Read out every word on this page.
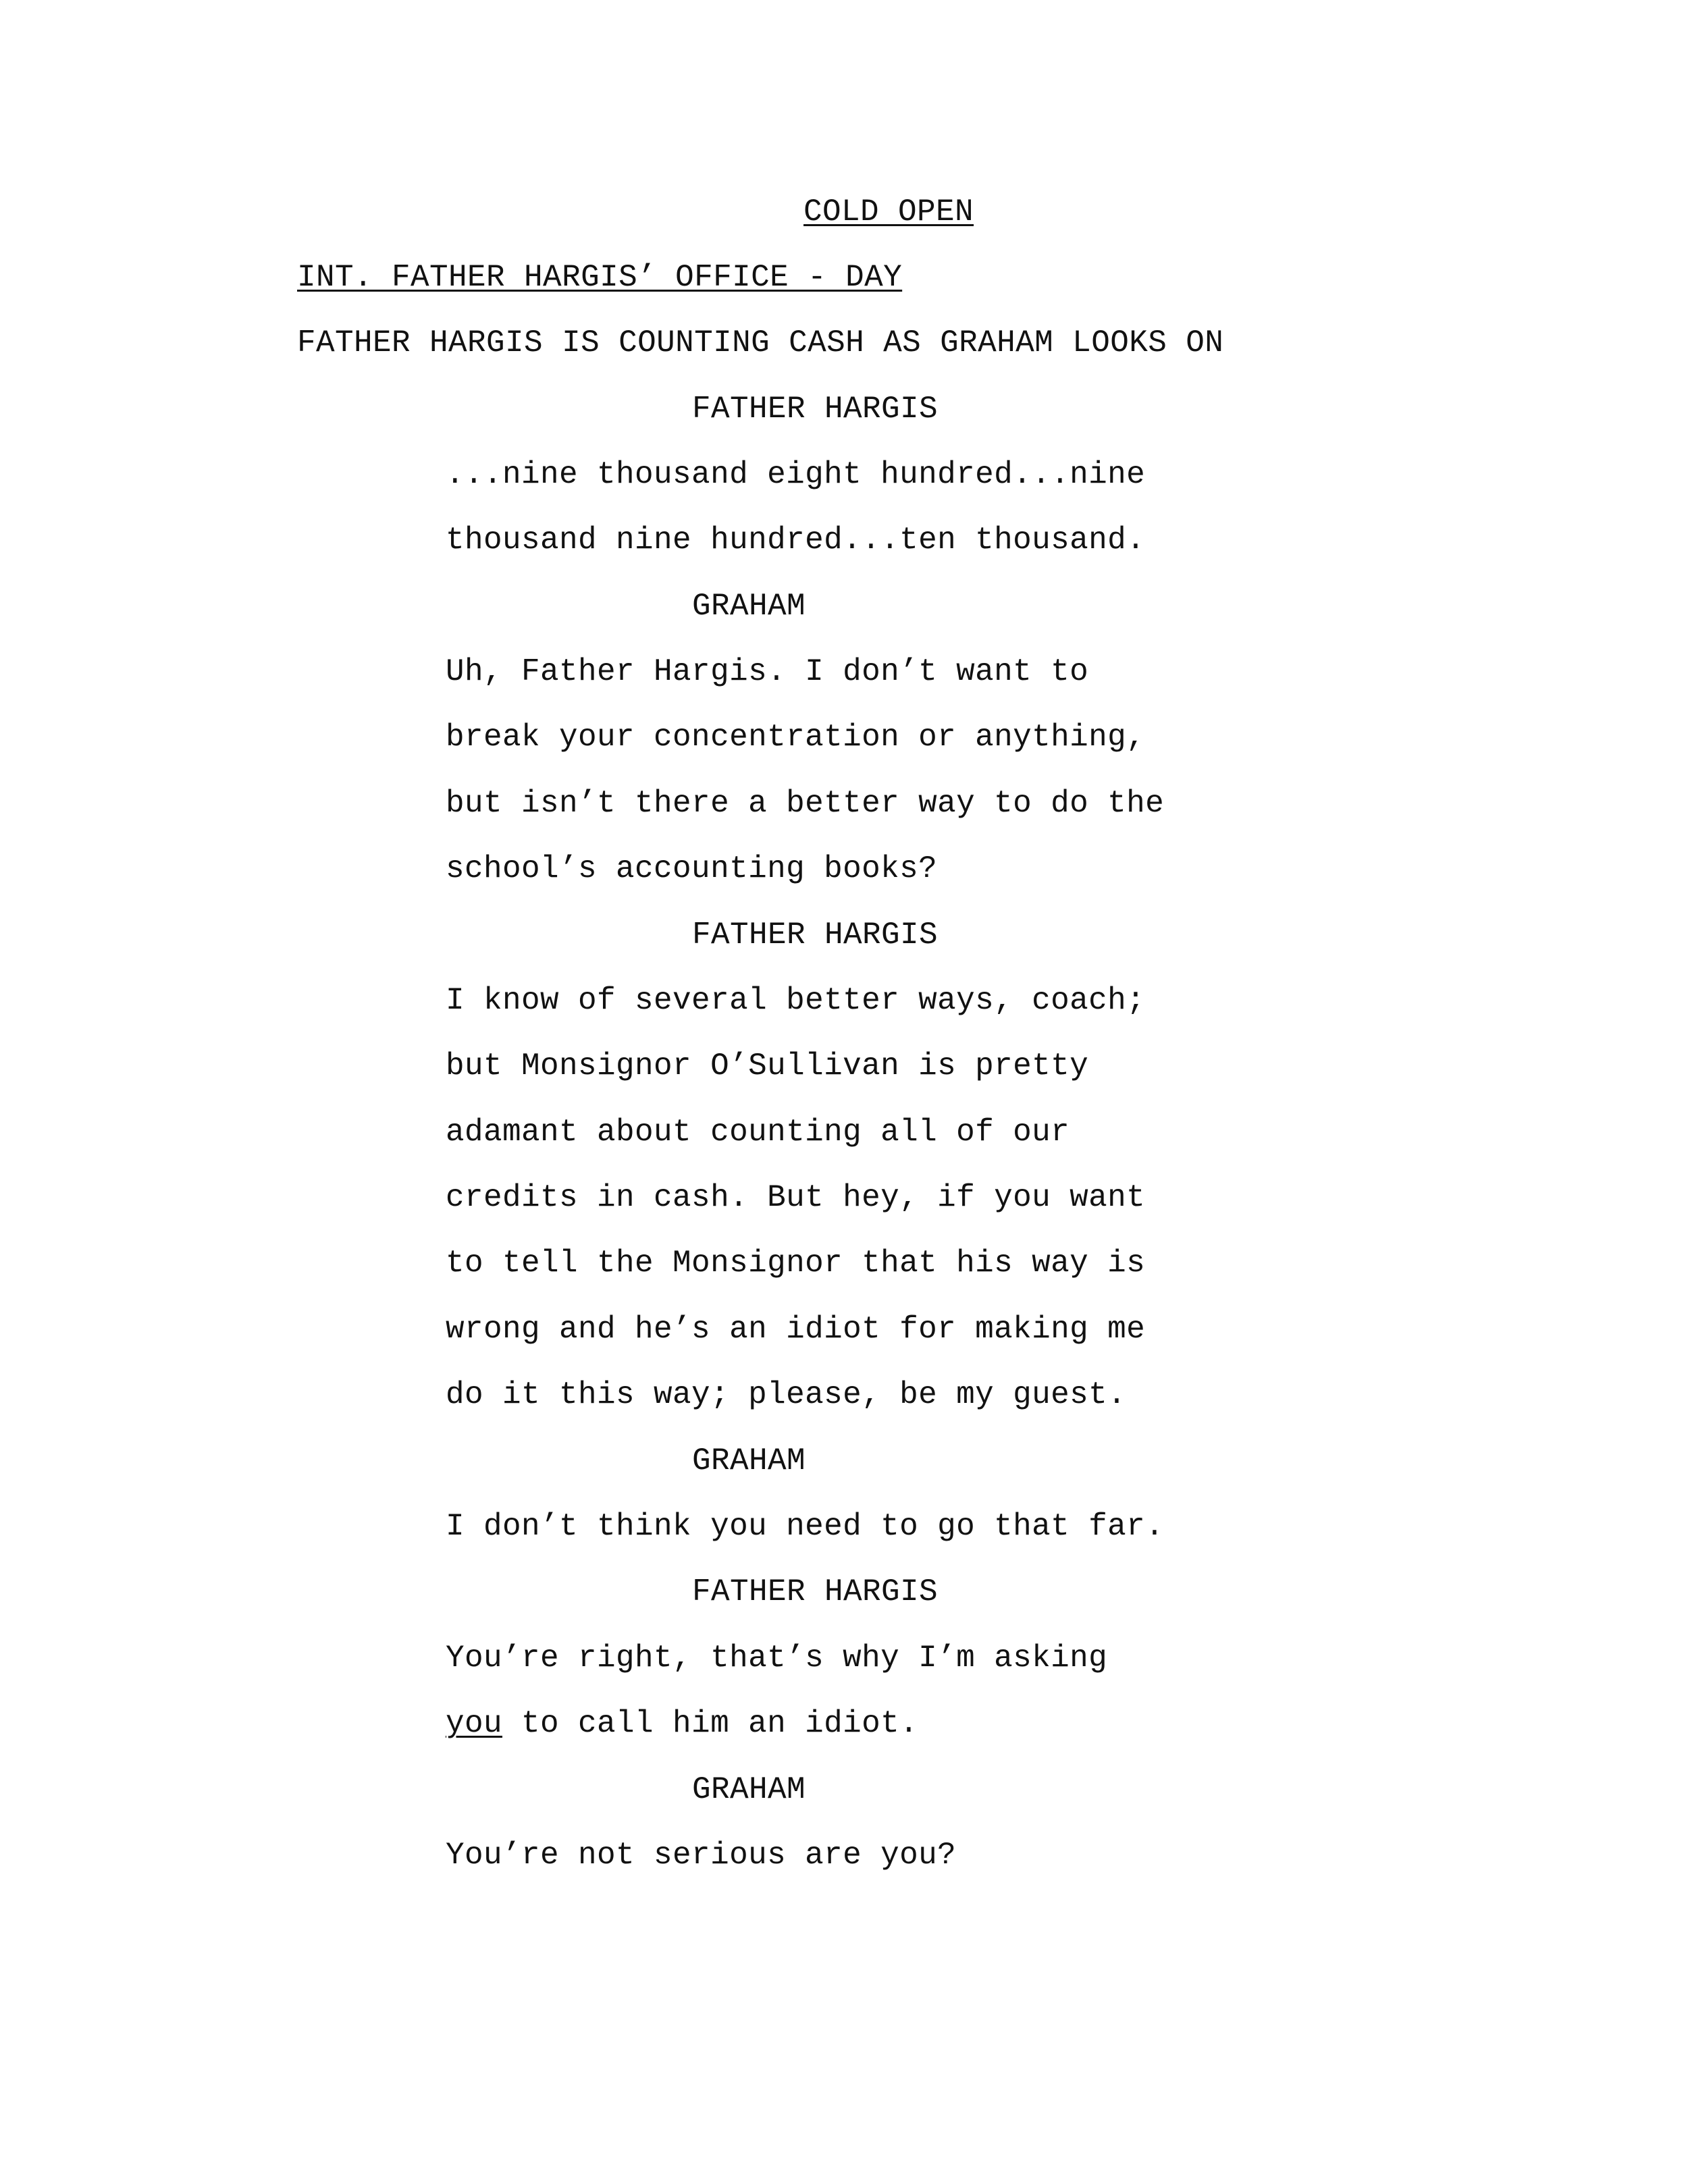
COLD OPEN
INT. FATHER HARGIS’ OFFICE - DAY
FATHER HARGIS IS COUNTING CASH AS GRAHAM LOOKS ON
FATHER HARGIS
...nine thousand eight hundred...nine
thousand nine hundred...ten thousand.
GRAHAM
Uh, Father Hargis. I don’t want to
break your concentration or anything,
but isn’t there a better way to do the
school’s accounting books?
FATHER HARGIS
I know of several better ways, coach;
but Monsignor O’Sullivan is pretty
adamant about counting all of our
credits in cash. But hey, if you want
to tell the Monsignor that his way is
wrong and he’s an idiot for making me
do it this way; please, be my guest.
GRAHAM
I don’t think you need to go that far.
FATHER HARGIS
You’re right, that’s why I’m asking
you to call him an idiot.
GRAHAM
You’re not serious are you?
